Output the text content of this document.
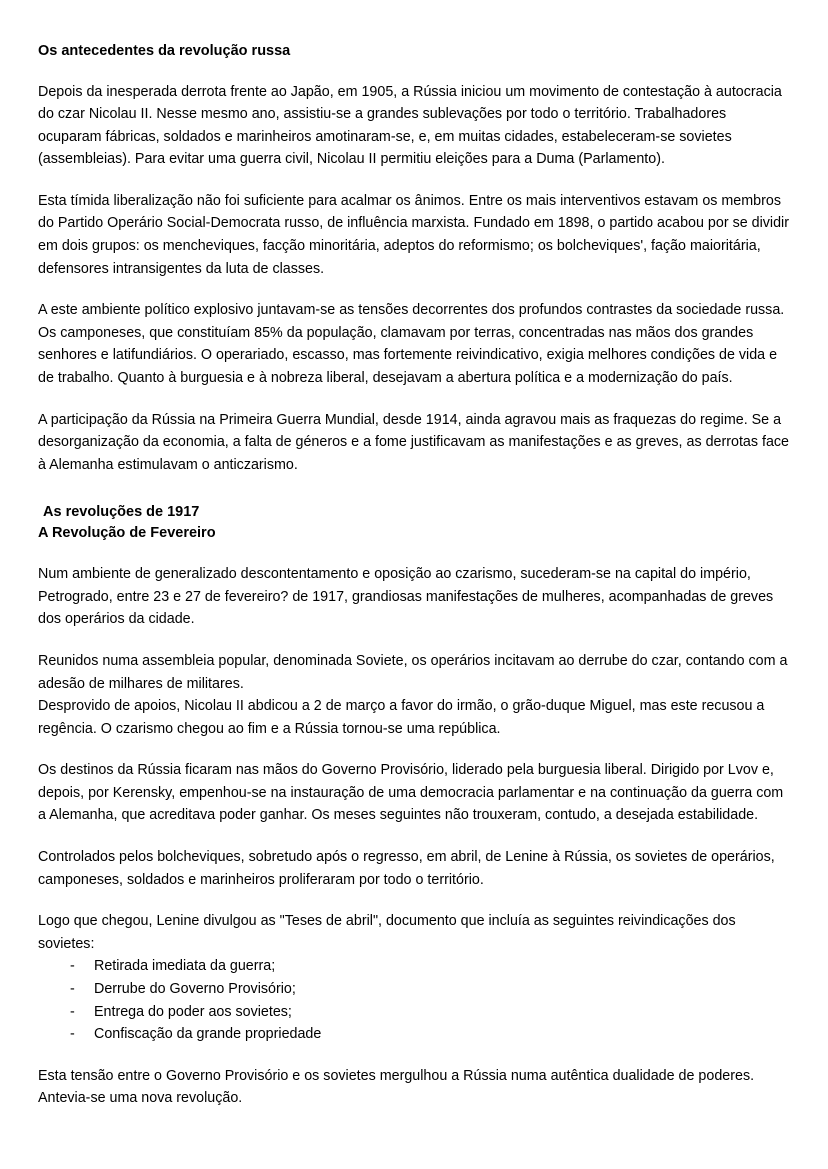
Os antecedentes da revolução russa

Depois da inesperada derrota frente ao Japão, em 1905, a Rússia iniciou um movimento de contestação à autocracia do czar Nicolau II. Nesse mesmo ano, assistiu-se a grandes sublevações por todo o território. Trabalhadores ocuparam fábricas, soldados e marinheiros amotinaram-se, e, em muitas cidades, estabeleceram-se sovietes (assembleias). Para evitar uma guerra civil, Nicolau II permitiu eleições para a Duma (Parlamento).

Esta tímida liberalização não foi suficiente para acalmar os ânimos. Entre os mais interventivos estavam os membros do Partido Operário Social-Democrata russo, de influência marxista. Fundado em 1898, o partido acabou por se dividir em dois grupos: os mencheviques, facção minoritária, adeptos do reformismo; os bolcheviques', fação maioritária, defensores intransigentes da luta de classes.

A este ambiente político explosivo juntavam-se as tensões decorrentes dos profundos contrastes da sociedade russa. Os camponeses, que constituíam 85% da população, clamavam por terras, concentradas nas mãos dos grandes senhores e latifundiários. O operariado, escasso, mas fortemente reivindicativo, exigia melhores condições de vida e de trabalho. Quanto à burguesia e à nobreza liberal, desejavam a abertura política e a modernização do país.

A participação da Rússia na Primeira Guerra Mundial, desde 1914, ainda agravou mais as fraquezas do regime. Se a desorganização da economia, a falta de géneros e a fome justificavam as manifestações e as greves, as derrotas face à Alemanha estimulavam o anticzarismo.

As revoluções de 1917
A Revolução de Fevereiro

Num ambiente de generalizado descontentamento e oposição ao czarismo, sucederam-se na capital do império, Petrogrado, entre 23 e 27 de fevereiro? de 1917, grandiosas manifestações de mulheres, acompanhadas de greves dos operários da cidade.

Reunidos numa assembleia popular, denominada Soviete, os operários incitavam ao derrube do czar, contando com a adesão de milhares de militares.

Desprovido de apoios, Nicolau II abdicou a 2 de março a favor do irmão, o grão-duque Miguel, mas este recusou a regência. O czarismo chegou ao fim e a Rússia tornou-se uma república.

Os destinos da Rússia ficaram nas mãos do Governo Provisório, liderado pela burguesia liberal. Dirigido por Lvov e, depois, por Kerensky, empenhou-se na instauração de uma democracia parlamentar e na continuação da guerra com a Alemanha, que acreditava poder ganhar. Os meses seguintes não trouxeram, contudo, a desejada estabilidade.

Controlados pelos bolcheviques, sobretudo após o regresso, em abril, de Lenine à Rússia, os sovietes de operários, camponeses, soldados e marinheiros proliferaram por todo o território.

Logo que chegou, Lenine divulgou as "Teses de abril", documento que incluía as seguintes reivindicações dos sovietes:

- Retirada imediata da guerra;
- Derrube do Governo Provisório;
- Entrega do poder aos sovietes;
- Confiscação da grande propriedade

Esta tensão entre o Governo Provisório e os sovietes mergulhou a Rússia numa autêntica dualidade de poderes. Antevia-se uma nova revolução.
